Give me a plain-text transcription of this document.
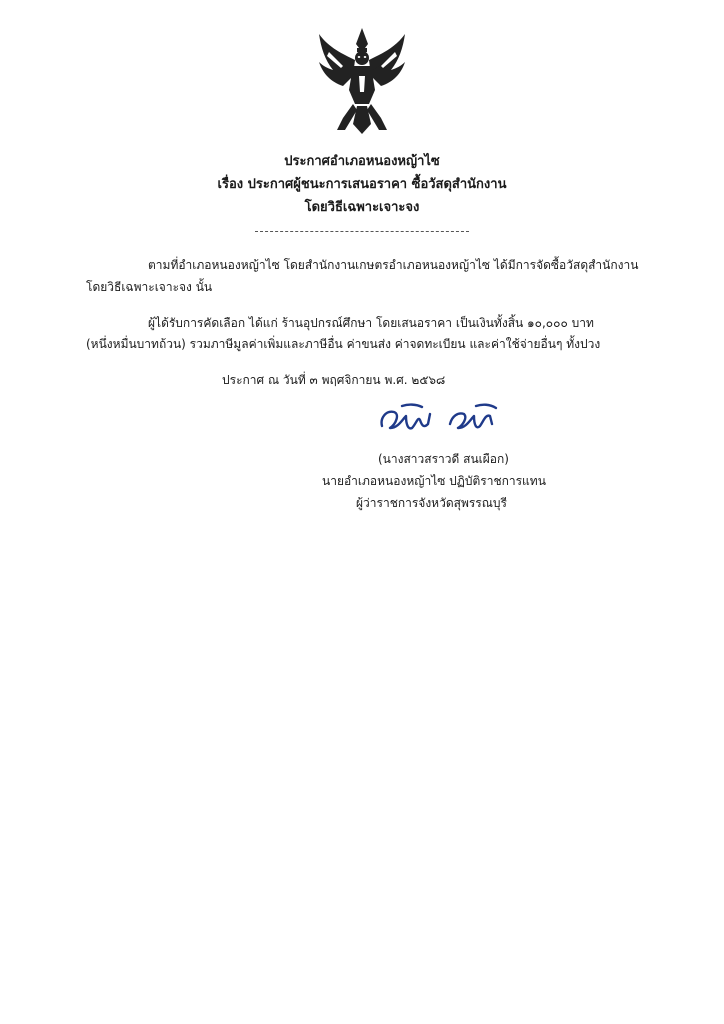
ประกาศอำเภอหนองหญ้าไซ
เรื่อง ประกาศผู้ชนะการเสนอราคา ซื้อวัสดุสำนักงาน
โดยวิธีเฉพาะเจาะจง
ตามที่อำเภอหนองหญ้าไซ โดยสำนักงานเกษตรอำเภอหนองหญ้าไซ ได้มีการจัดซื้อวัสดุสำนักงาน
โดยวิธีเฉพาะเจาะจง นั้น
ผู้ได้รับการคัดเลือก ได้แก่ ร้านอุปกรณ์ศึกษา โดยเสนอราคา เป็นเงินทั้งสิ้น ๑๐,๐๐๐ บาท
(หนึ่งหมื่นบาทถ้วน) รวมภาษีมูลค่าเพิ่มและภาษีอื่น ค่าขนส่ง ค่าจดทะเบียน และค่าใช้จ่ายอื่นๆ ทั้งปวง
ประกาศ ณ วันที่ ๓ พฤศจิกายน พ.ศ. ๒๕๖๘
(นางสาวสราวดี สนเผือก)
นายอำเภอหนองหญ้าไซ ปฏิบัติราชการแทน
ผู้ว่าราชการจังหวัดสุพรรณบุรี
